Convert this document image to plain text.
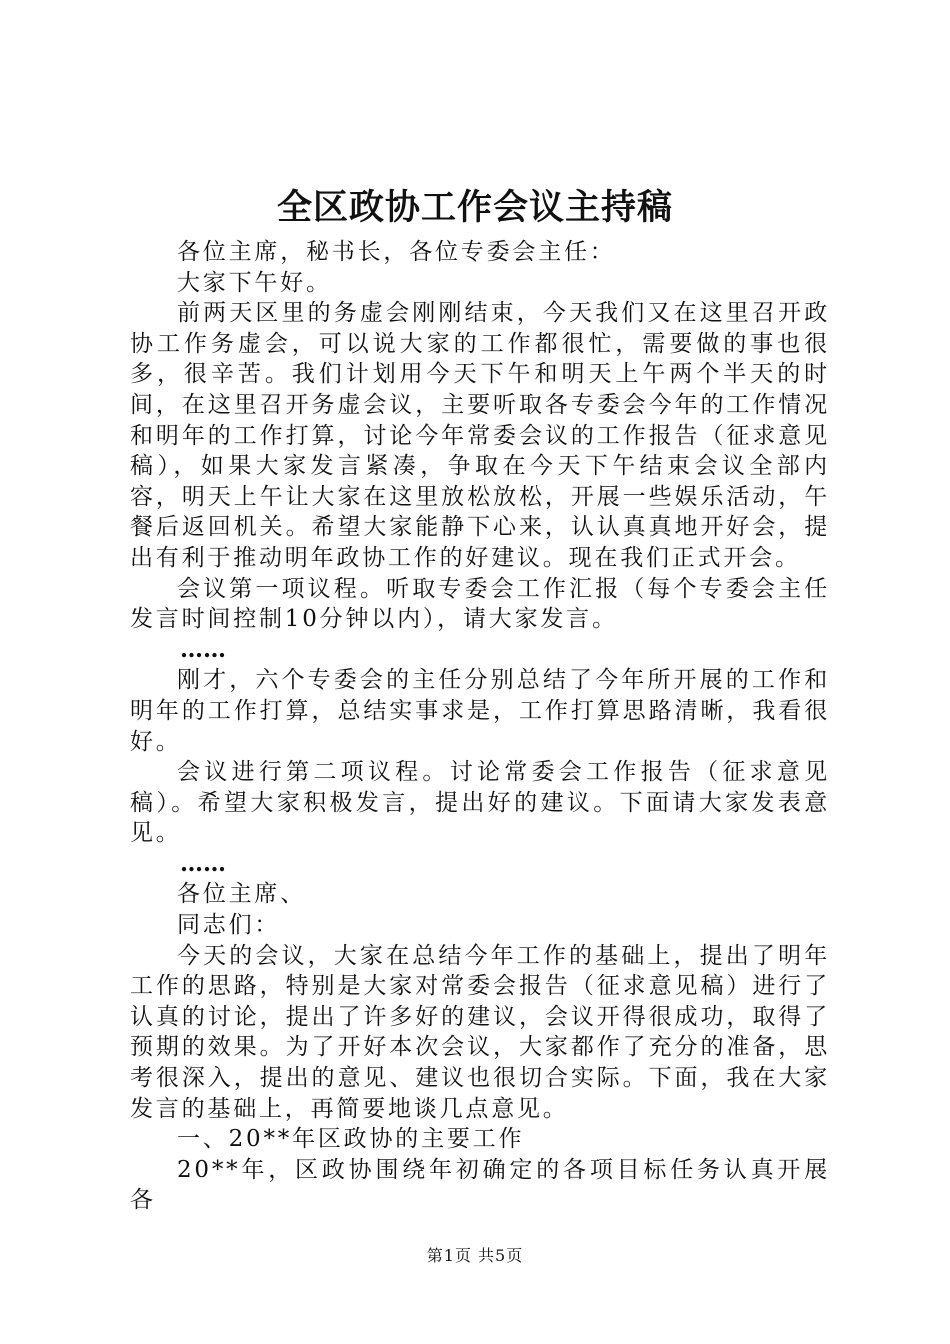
全区政协工作会议主持稿

各位主席，秘书长，各位专委会主任：

大家下午好。

前两天区里的务虚会刚刚结束，今天我们又在这里召开政协工作务虚会，可以说大家的工作都很忙，需要做的事也很多，很辛苦。我们计划用今天下午和明天上午两个半天的时间，在这里召开务虚会议，主要听取各专委会今年的工作情况和明年的工作打算，讨论今年常委会议的工作报告（征求意见稿），如果大家发言紧凑，争取在今天下午结束会议全部内容，明天上午让大家在这里放松放松，开展一些娱乐活动，午餐后返回机关。希望大家能静下心来，认认真真地开好会，提出有利于推动明年政协工作的好建议。现在我们正式开会。

会议第一项议程。听取专委会工作汇报（每个专委会主任发言时间控制10分钟以内），请大家发言。

……

刚才，六个专委会的主任分别总结了今年所开展的工作和明年的工作打算，总结实事求是，工作打算思路清晰，我看很好。

会议进行第二项议程。讨论常委会工作报告（征求意见稿）。希望大家积极发言，提出好的建议。下面请大家发表意见。

……

各位主席、

同志们：

今天的会议，大家在总结今年工作的基础上，提出了明年工作的思路，特别是大家对常委会报告（征求意见稿）进行了认真的讨论，提出了许多好的建议，会议开得很成功，取得了预期的效果。为了开好本次会议，大家都作了充分的准备，思考很深入，提出的意见、建议也很切合实际。下面，我在大家发言的基础上，再简要地谈几点意见。

一、20**年区政协的主要工作

20**年，区政协围绕年初确定的各项目标任务认真开展各

第1页 共5页
